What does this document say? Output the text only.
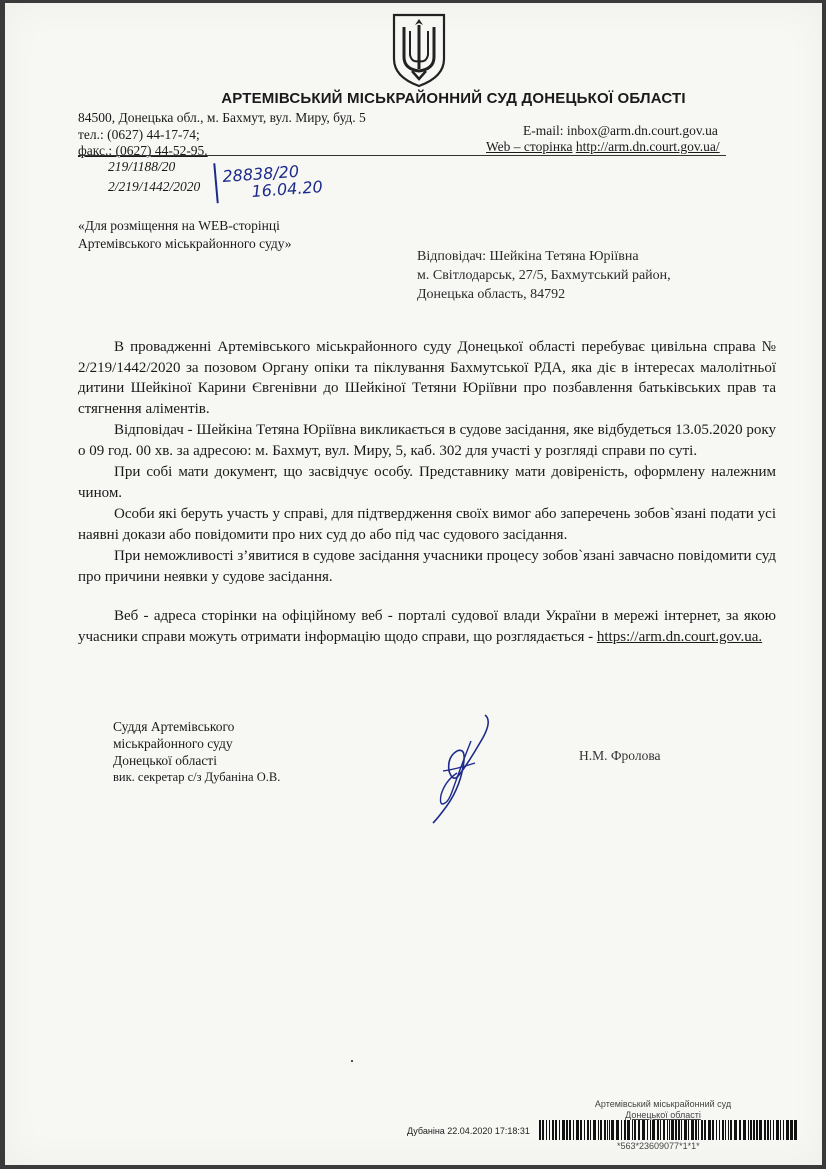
АРТЕМІВСЬКИЙ МІСЬКРАЙОННИЙ СУД ДОНЕЦЬКОЇ ОБЛАСТІ
84500, Донецька обл., м. Бахмут, вул. Миру, буд. 5
тел.: (0627) 44-17-74;
факс.: (0627) 44-52-95.
E-mail: inbox@arm.dn.court.gov.ua
Web – сторінка http://arm.dn.court.gov.ua/
219/1188/20
2/219/1442/2020
28838/20
16.04.20
«Для розміщення на WEB-сторінці
Артемівського міськрайонного суду»
Відповідач: Шейкіна Тетяна Юріївна
м. Світлодарськ, 27/5, Бахмутський район,
Донецька область, 84792

В провадженні Артемівського міськрайонного суду Донецької області перебуває цивільна справа № 2/219/1442/2020 за позовом Органу опіки та піклування Бахмутської РДА, яка діє в інтересах малолітньої дитини Шейкіної Карини Євгенівни до Шейкіної Тетяни Юріївни про позбавлення батьківських прав та стягнення аліментів.

Відповідач - Шейкіна Тетяна Юріївна викликається в судове засідання, яке відбудеться 13.05.2020 року о 09 год. 00 хв. за адресою: м. Бахмут, вул. Миру, 5, каб. 302 для участі у розгляді справи по суті.

При собі мати документ, що засвідчує особу. Представнику мати довіреність, оформлену належним чином.

Особи які беруть участь у справі, для підтвердження своїх вимог або заперечень зобов`язані подати усі наявні докази або повідомити про них суд до або під час судового засідання.

При неможливості з’явитися в судове засідання учасники процесу зобов`язані завчасно повідомити суд про причини неявки у судове засідання.

Веб - адреса сторінки на офіційному веб - порталі судової влади України в мережі інтернет, за якою учасники справи можуть отримати інформацію щодо справи, що розглядається - https://arm.dn.court.gov.ua.

Суддя Артемівського
міськрайонного суду
Донецької області
вик. секретар с/з Дубаніна О.В.
Н.М. Фролова
Артемівський міськрайонний суд
Донецької області
Дубаніна 22.04.2020 17:18:31
*563*23609077*1*1*
